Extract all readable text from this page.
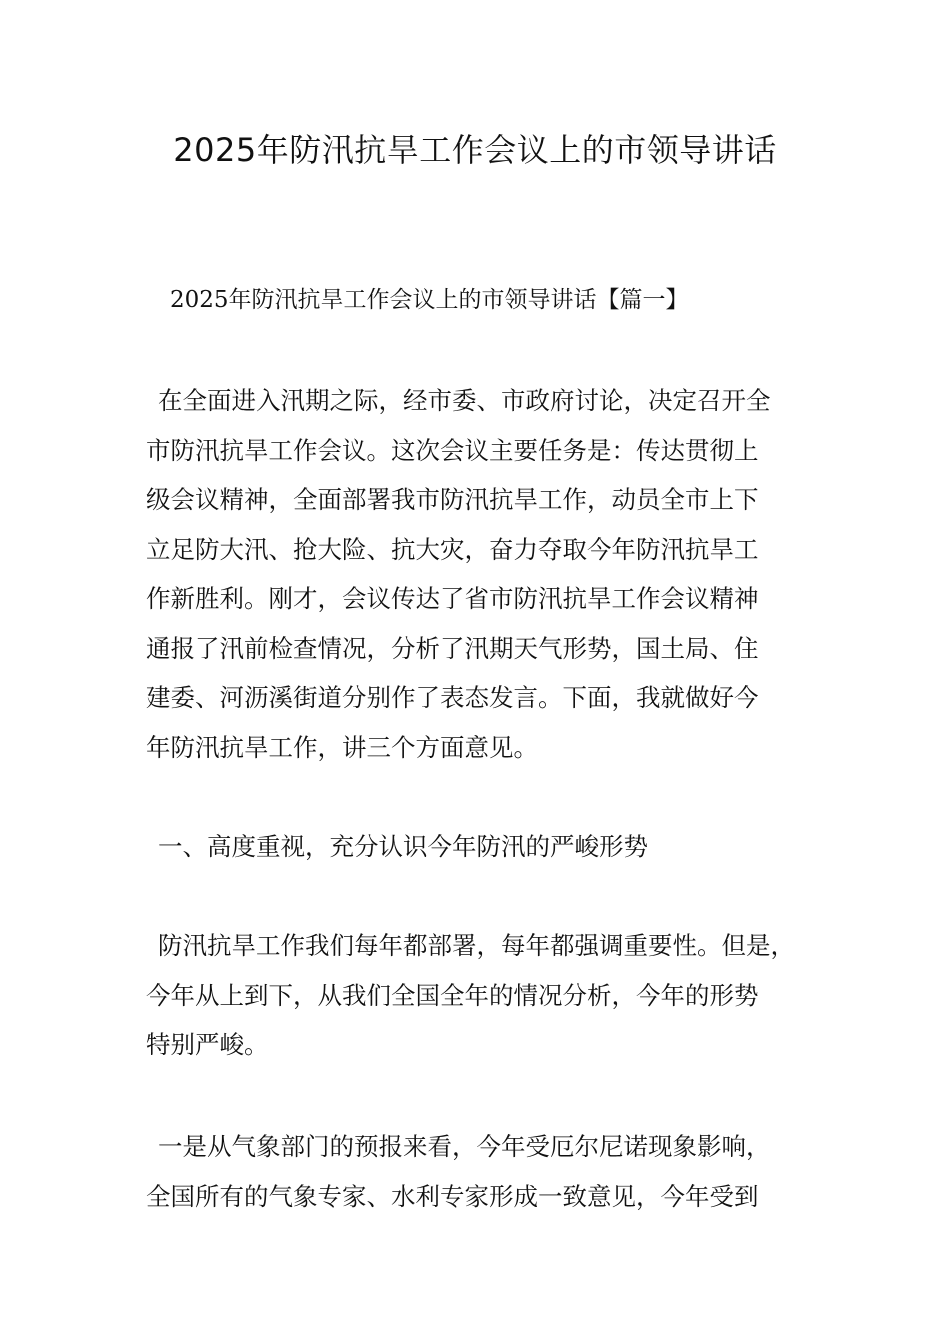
2025年防汛抗旱工作会议上的市领导讲话

2025年防汛抗旱工作会议上的市领导讲话【篇一】

在全面进入汛期之际，经市委、市政府讨论，决定召开全
市防汛抗旱工作会议。这次会议主要任务是：传达贯彻上
级会议精神，全面部署我市防汛抗旱工作，动员全市上下
立足防大汛、抢大险、抗大灾，奋力夺取今年防汛抗旱工
作新胜利。刚才，会议传达了省市防汛抗旱工作会议精神
通报了汛前检查情况，分析了汛期天气形势，国土局、住
建委、河沥溪街道分别作了表态发言。下面，我就做好今
年防汛抗旱工作，讲三个方面意见。
一、高度重视，充分认识今年防汛的严峻形势
防汛抗旱工作我们每年都部署，每年都强调重要性。但是，
今年从上到下，从我们全国全年的情况分析，今年的形势
特别严峻。
一是从气象部门的预报来看，今年受厄尔尼诺现象影响，
全国所有的气象专家、水利专家形成一致意见，今年受到
